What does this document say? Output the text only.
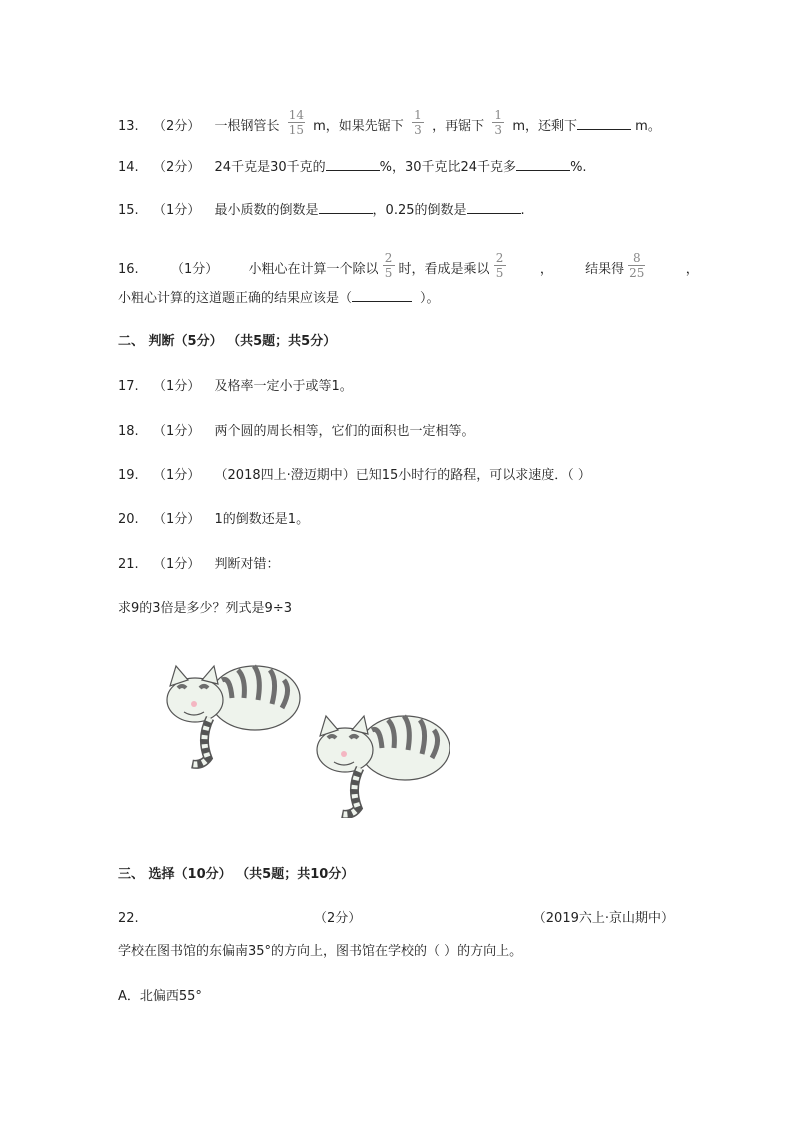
13. （2分） 一根钢管长 $\frac{14}{15}$ m，如果先锯下 $\frac{1}{3}$ ，再锯下 $\frac{1}{3}$ m，还剩下	m。
14. （2分） 24千克是30千克的	%，30千克比24千克多	%.
15. （1分） 最小质数的倒数是	，0.25的倒数是	.
16. （1分） 小粗心在计算一个除以 $\frac{2}{5}$ 时，看成是乘以 $\frac{2}{5}$	， 结果得 $\frac{8}{25}$	，
小粗心计算的这道题正确的结果应该是（	）。
二、 判断（5分） （共5题；共5分）
17. （1分） 及格率一定小于或等1。
18. （1分） 两个圆的周长相等，它们的面积也一定相等。
19. （1分） （2018四上·澄迈期中）已知15小时行的路程，可以求速度．（ ）
20. （1分） 1的倒数还是1。
21. （1分） 判断对错：
求9的3倍是多少？列式是9÷3
三、 选择（10分） （共5题；共10分）
22.	（2分）	（2019六上·京山期中）
学校在图书馆的东偏南35°的方向上，图书馆在学校的（ ）的方向上。
A．北偏西55°
